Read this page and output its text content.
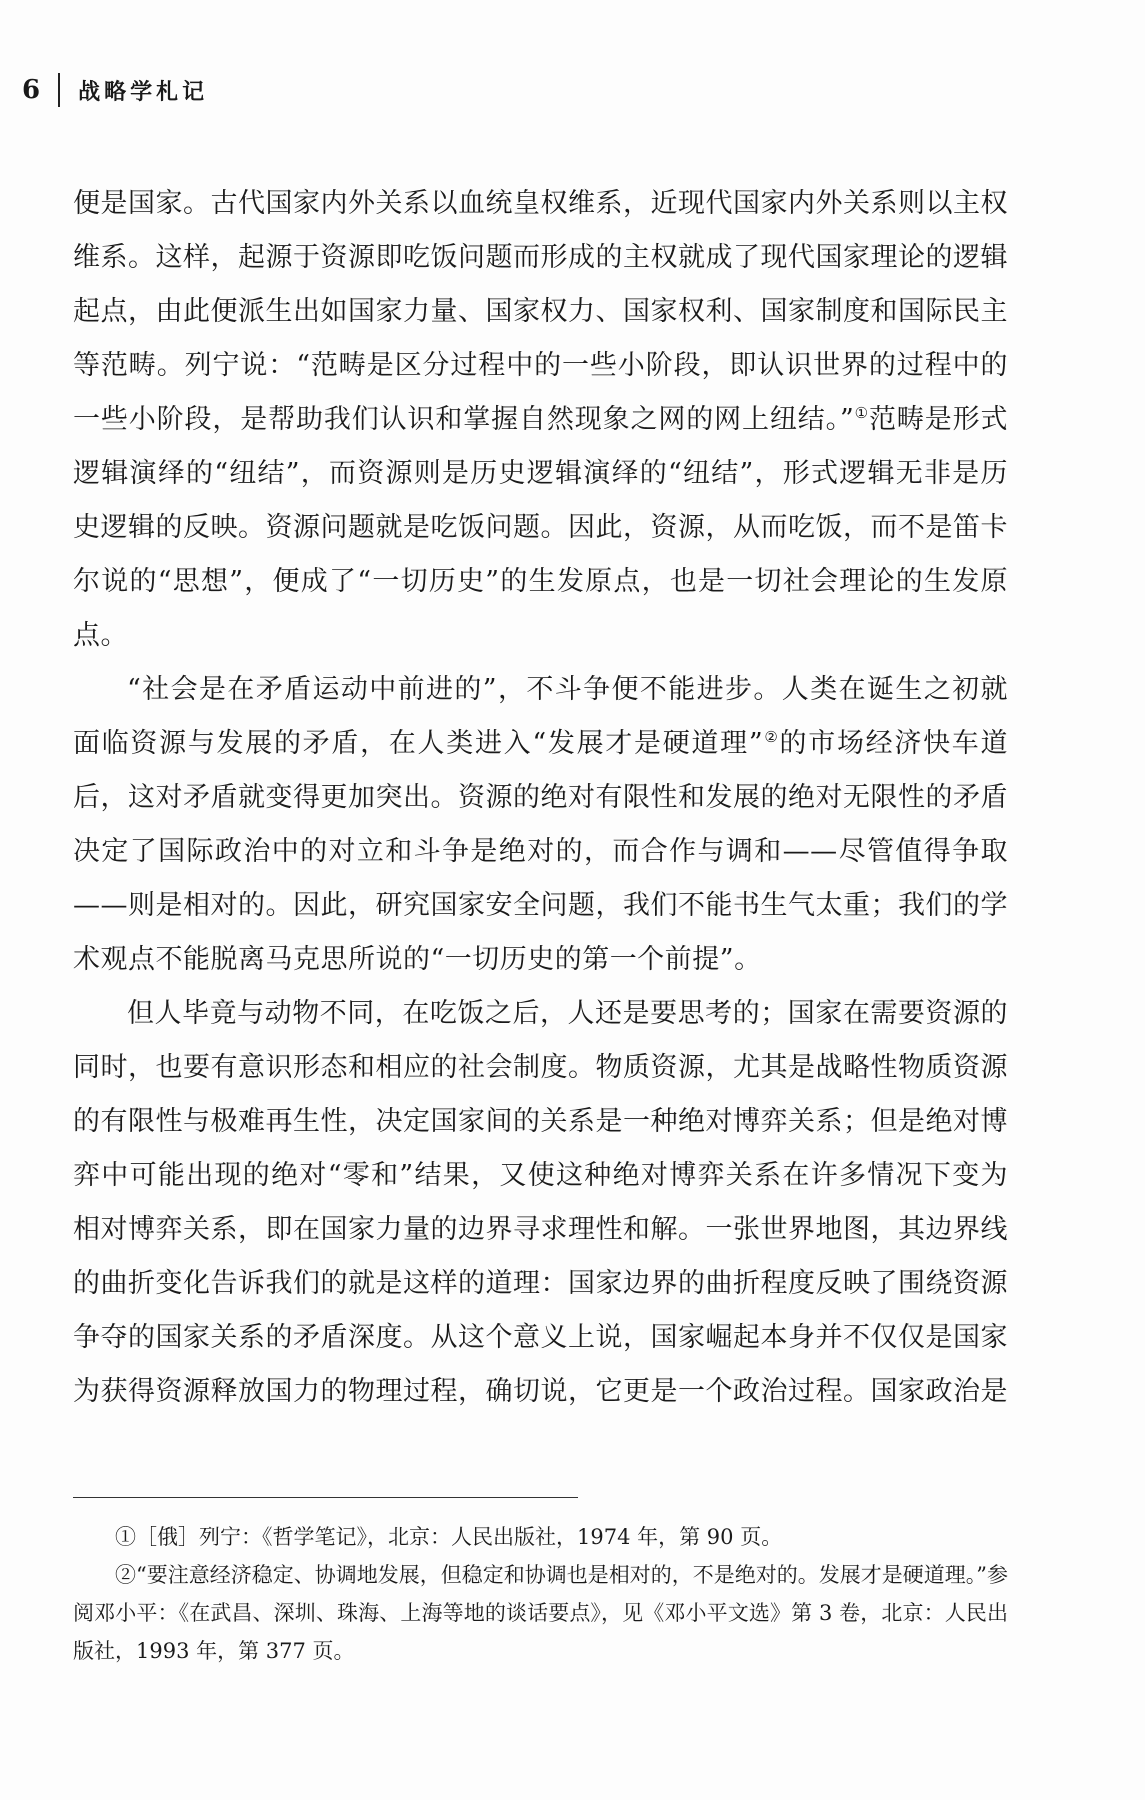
6 战略学札记

便是国家。古代国家内外关系以血统皇权维系，近现代国家内外关系则以主权维系。这样，起源于资源即吃饭问题而形成的主权就成了现代国家理论的逻辑起点，由此便派生出如国家力量、国家权力、国家权利、国家制度和国际民主等范畴。列宁说：“范畴是区分过程中的一些小阶段，即认识世界的过程中的一些小阶段，是帮助我们认识和掌握自然现象之网的网上纽结。”①范畴是形式逻辑演绎的“纽结”，而资源则是历史逻辑演绎的“纽结”，形式逻辑无非是历史逻辑的反映。资源问题就是吃饭问题。因此，资源，从而吃饭，而不是笛卡尔说的“思想”，便成了“一切历史”的生发原点，也是一切社会理论的生发原点。

“社会是在矛盾运动中前进的”，不斗争便不能进步。人类在诞生之初就面临资源与发展的矛盾，在人类进入“发展才是硬道理”②的市场经济快车道后，这对矛盾就变得更加突出。资源的绝对有限性和发展的绝对无限性的矛盾决定了国际政治中的对立和斗争是绝对的，而合作与调和——尽管值得争取——则是相对的。因此，研究国家安全问题，我们不能书生气太重；我们的学术观点不能脱离马克思所说的“一切历史的第一个前提”。

但人毕竟与动物不同，在吃饭之后，人还是要思考的；国家在需要资源的同时，也要有意识形态和相应的社会制度。物质资源，尤其是战略性物质资源的有限性与极难再生性，决定国家间的关系是一种绝对博弈关系；但是绝对博弈中可能出现的绝对“零和”结果，又使这种绝对博弈关系在许多情况下变为相对博弈关系，即在国家力量的边界寻求理性和解。一张世界地图，其边界线的曲折变化告诉我们的就是这样的道理：国家边界的曲折程度反映了围绕资源争夺的国家关系的矛盾深度。从这个意义上说，国家崛起本身并不仅仅是国家为获得资源释放国力的物理过程，确切说，它更是一个政治过程。国家政治是

①［俄］列宁：《哲学笔记》，北京：人民出版社，1974 年，第 90 页。

②“要注意经济稳定、协调地发展，但稳定和协调也是相对的，不是绝对的。发展才是硬道理。”参阅邓小平：《在武昌、深圳、珠海、上海等地的谈话要点》，见《邓小平文选》第 3 卷，北京：人民出版社，1993 年，第 377 页。
